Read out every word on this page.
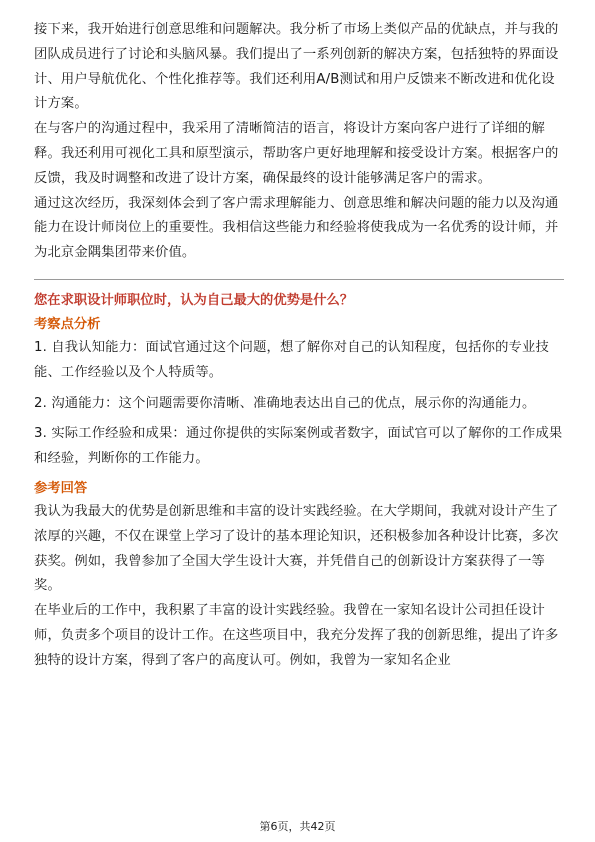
接下来，我开始进行创意思维和问题解决。我分析了市场上类似产品的优缺点，并与我的团队成员进行了讨论和头脑风暴。我们提出了一系列创新的解决方案，包括独特的界面设计、用户导航优化、个性化推荐等。我们还利用A/B测试和用户反馈来不断改进和优化设计方案。

在与客户的沟通过程中，我采用了清晰简洁的语言，将设计方案向客户进行了详细的解释。我还利用可视化工具和原型演示，帮助客户更好地理解和接受设计方案。根据客户的反馈，我及时调整和改进了设计方案，确保最终的设计能够满足客户的需求。

通过这次经历，我深刻体会到了客户需求理解能力、创意思维和解决问题的能力以及沟通能力在设计师岗位上的重要性。我相信这些能力和经验将使我成为一名优秀的设计师，并为北京金隅集团带来价值。

您在求职设计师职位时，认为自己最大的优势是什么？

考察点分析

1. 自我认知能力：面试官通过这个问题，想了解你对自己的认知程度，包括你的专业技能、工作经验以及个人特质等。

2. 沟通能力：这个问题需要你清晰、准确地表达出自己的优点，展示你的沟通能力。

3. 实际工作经验和成果：通过你提供的实际案例或者数字，面试官可以了解你的工作成果和经验，判断你的工作能力。

参考回答

我认为我最大的优势是创新思维和丰富的设计实践经验。在大学期间，我就对设计产生了浓厚的兴趣，不仅在课堂上学习了设计的基本理论知识，还积极参加各种设计比赛，多次获奖。例如，我曾参加了全国大学生设计大赛，并凭借自己的创新设计方案获得了一等奖。

在毕业后的工作中，我积累了丰富的设计实践经验。我曾在一家知名设计公司担任设计师，负责多个项目的设计工作。在这些项目中，我充分发挥了我的创新思维，提出了许多独特的设计方案，得到了客户的高度认可。例如，我曾为一家知名企业

第6页，共42页
